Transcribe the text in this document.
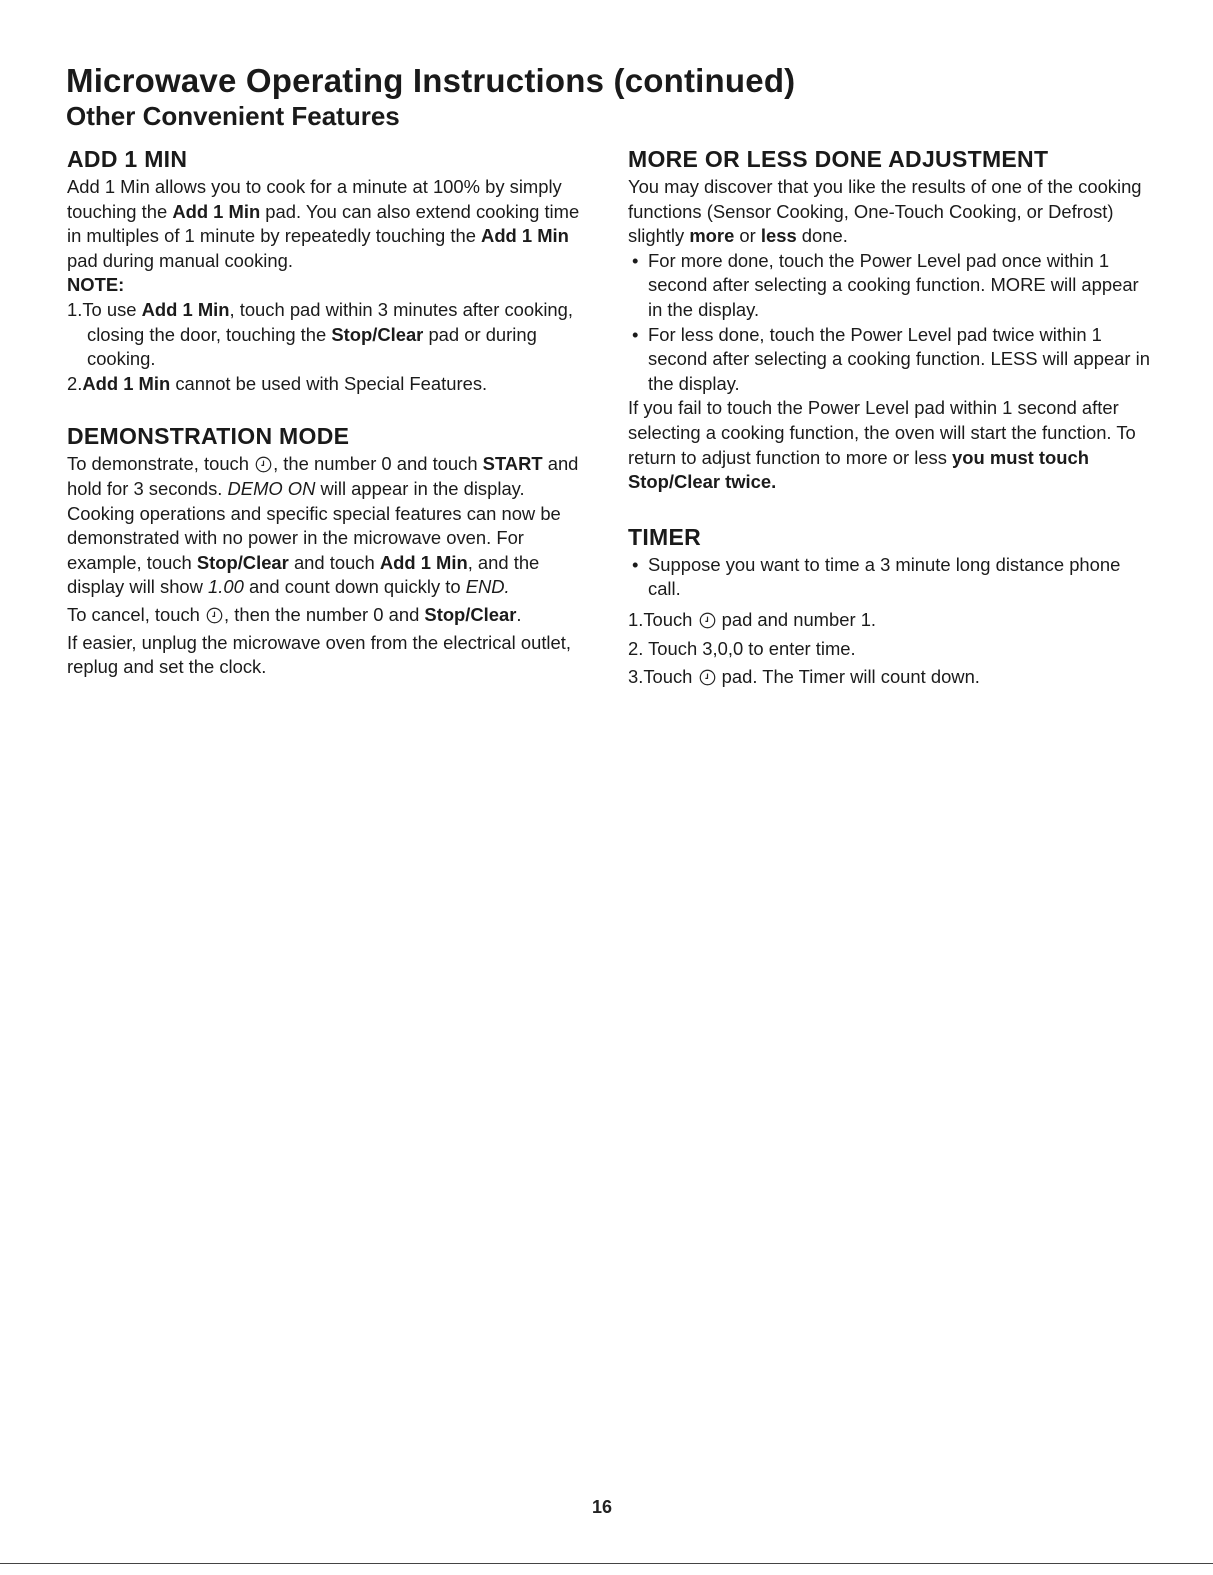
Microwave Operating Instructions (continued)
Other Convenient Features
ADD 1 MIN

Add 1 Min allows you to cook for a minute at 100% by simply touching the Add 1 Min pad. You can also extend cooking time in multiples of 1 minute by repeatedly touching the Add 1 Min pad during manual cooking.

NOTE:
1.To use Add 1 Min, touch pad within 3 minutes after cooking, closing the door, touching the Stop/Clear pad or during cooking.
2.Add 1 Min cannot be used with Special Features.
DEMONSTRATION MODE

To demonstrate, touch , the number 0 and touch START and hold for 3 seconds. DEMO ON will appear in the display. Cooking operations and specific special features can now be demonstrated with no power in the microwave oven. For example, touch Stop/Clear and touch Add 1 Min, and the display will show 1.00 and count down quickly to END.

To cancel, touch , then the number 0 and Stop/Clear.

If easier, unplug the microwave oven from the electrical outlet, replug and set the clock.

MORE OR LESS DONE ADJUSTMENT

You may discover that you like the results of one of the cooking functions (Sensor Cooking, One-Touch Cooking, or Defrost) slightly more or less done.

• For more done, touch the Power Level pad once within 1 second after selecting a cooking function. MORE will appear in the display.
• For less done, touch the Power Level pad twice within 1 second after selecting a cooking function. LESS will appear in the display.

If you fail to touch the Power Level pad within 1 second after selecting a cooking function, the oven will start the function. To return to adjust function to more or less you must touch Stop/Clear twice.

TIMER
• Suppose you want to time a 3 minute long distance phone call.
1.Touch  pad and number 1.
2. Touch 3,0,0 to enter time.
3.Touch  pad. The Timer will count down.
16
